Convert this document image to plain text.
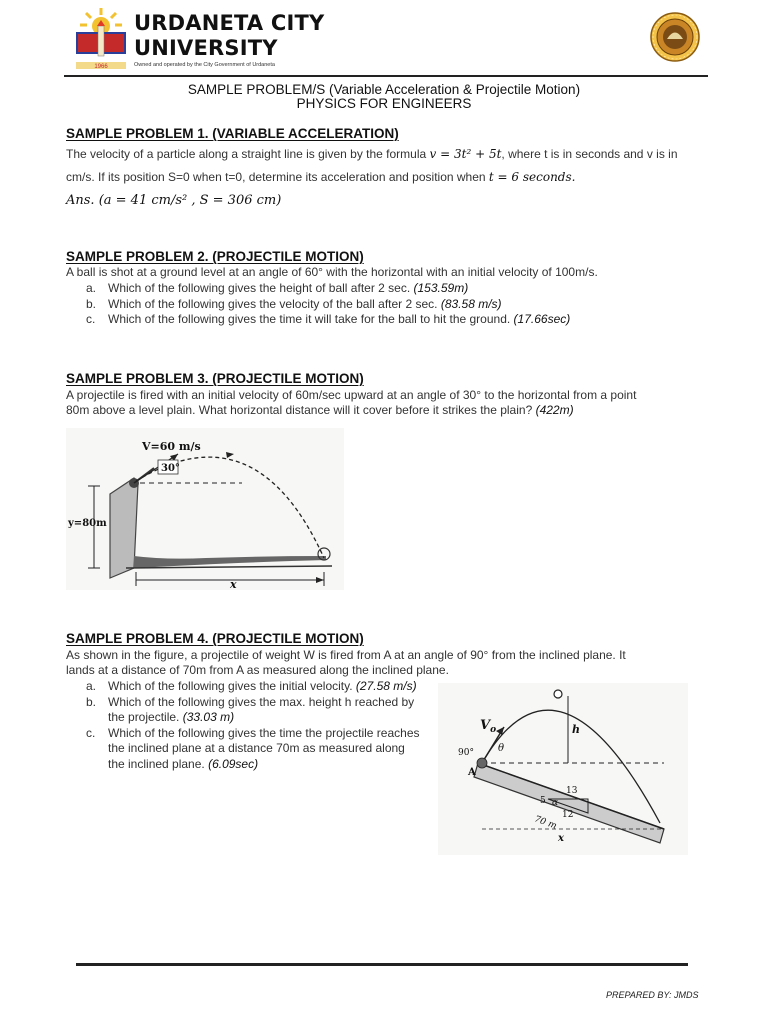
1966
URDANETA CITY
UNIVERSITY
Owned and operated by the City Government of Urdaneta
SAMPLE PROBLEM/S (Variable Acceleration & Projectile Motion)
PHYSICS FOR ENGINEERS
SAMPLE PROBLEM 1. (VARIABLE ACCELERATION)
The velocity of a particle along a straight line is given by the formula v = 3t² + 5t, where t is in seconds and v is in
cm/s. If its position S=0 when t=0, determine its acceleration and position when t = 6 seconds.
Ans. (a = 41 cm/s² , S = 306 cm)
SAMPLE PROBLEM 2. (PROJECTILE MOTION)
A ball is shot at a ground level at an angle of 60° with the horizontal with an initial velocity of 100m/s.
a. Which of the following gives the height of ball after 2 sec. (153.59m)
b. Which of the following gives the velocity of the ball after 2 sec. (83.58 m/s)
c. Which of the following gives the time it will take for the ball to hit the ground. (17.66sec)
SAMPLE PROBLEM 3. (PROJECTILE MOTION)
A projectile is fired with an initial velocity of 60m/sec upward at an angle of 30° to the horizontal from a point
80m above a level plain. What horizontal distance will it cover before it strikes the plain? (422m)
V=60 m/s
30°
y=80m
x
SAMPLE PROBLEM 4. (PROJECTILE MOTION)
As shown in the figure, a projectile of weight W is fired from A at an angle of 90° from the inclined plane. It
lands at a distance of 70m from A as measured along the inclined plane.
a. Which of the following gives the initial velocity. (27.58 m/s)
b. Which of the following gives the max. height h reached by
the projectile. (33.03 m)
c. Which of the following gives the time the projectile reaches
the inclined plane at a distance 70m as measured along
the inclined plane. (6.09sec)
$V_o$
90° θ
A
h
13
5 α
12
70 m
x
PREPARED BY: JMDS
